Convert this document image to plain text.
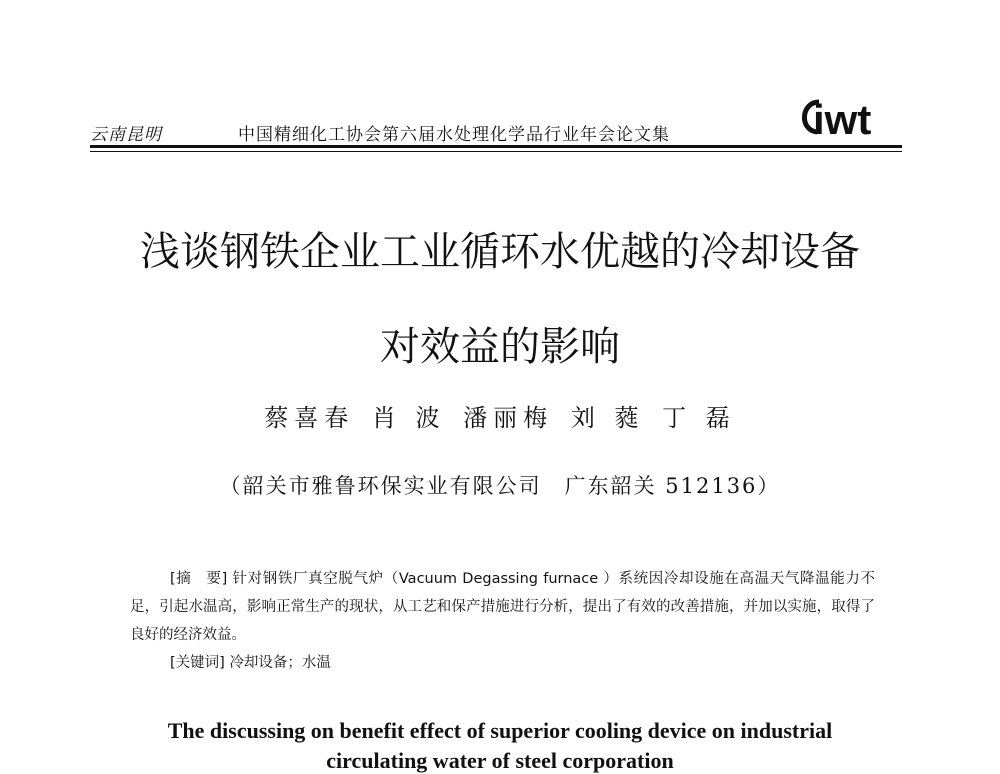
云南昆明	中国精细化工协会第六届水处理化学品行业年会论文集	iwt
浅谈钢铁企业工业循环水优越的冷却设备
对效益的影响
蔡喜春 肖 波 潘丽梅 刘 蕤 丁 磊
（韶关市雅鲁环保实业有限公司　广东韶关 512136）
[摘　要] 针对钢铁厂真空脱气炉（Vacuum Degassing furnace ）系统因冷却设施在高温天气降温能力不足，引起水温高，影响正常生产的现状，从工艺和保产措施进行分析，提出了有效的改善措施，并加以实施，取得了良好的经济效益。
[关键词] 冷却设备；水温
The discussing on benefit effect of superior cooling device on industrial
circulating water of steel corporation
